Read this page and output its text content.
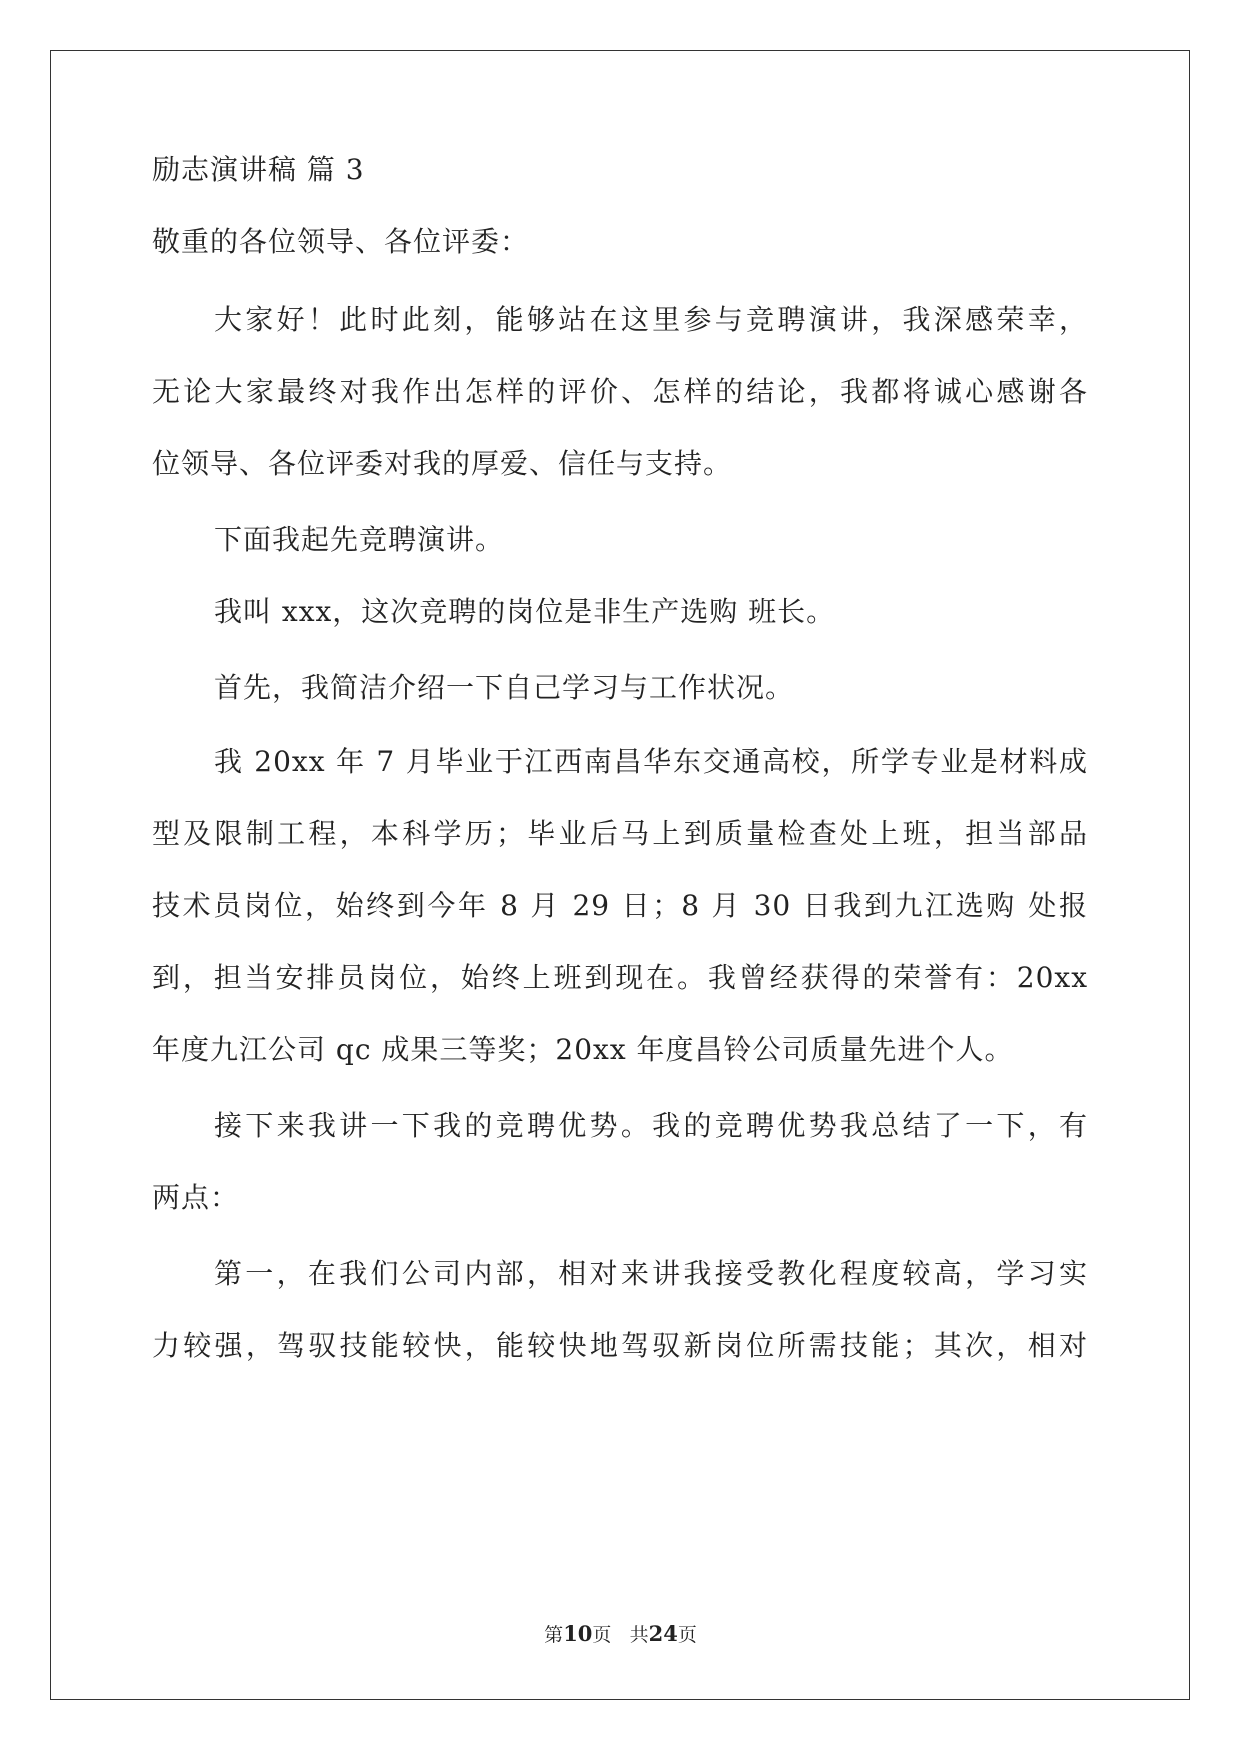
励志演讲稿 篇 3
敬重的各位领导、各位评委：
大家好！此时此刻，能够站在这里参与竞聘演讲，我深感荣幸，
无论大家最终对我作出怎样的评价、怎样的结论，我都将诚心感谢各
位领导、各位评委对我的厚爱、信任与支持。
下面我起先竞聘演讲。
我叫 xxx，这次竞聘的岗位是非生产选购 班长。
首先，我简洁介绍一下自己学习与工作状况。
我 20xx 年 7 月毕业于江西南昌华东交通高校，所学专业是材料成
型及限制工程，本科学历；毕业后马上到质量检查处上班，担当部品
技术员岗位，始终到今年 8 月 29 日；8 月 30 日我到九江选购 处报
到，担当安排员岗位，始终上班到现在。我曾经获得的荣誉有：20xx
年度九江公司 qc 成果三等奖；20xx 年度昌铃公司质量先进个人。
接下来我讲一下我的竞聘优势。我的竞聘优势我总结了一下，有
两点：
第一，在我们公司内部，相对来讲我接受教化程度较高，学习实
力较强，驾驭技能较快，能较快地驾驭新岗位所需技能；其次，相对
第10页 共24页
